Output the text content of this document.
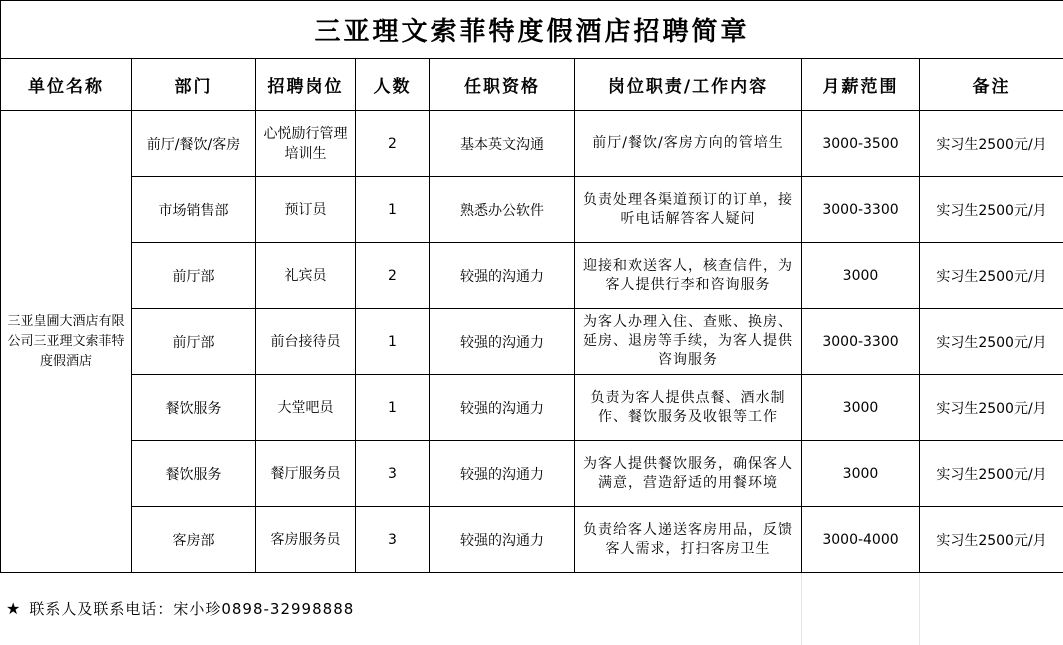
三亚理文索菲特度假酒店招聘简章							
单位名称	部门	招聘岗位	人数	任职资格	岗位职责/工作内容	月薪范围	备注
三亚皇圃大酒店有限公司三亚理文索菲特度假酒店	前厅/餐饮/客房	心悦励行管理培训生	2	基本英文沟通	前厅/餐饮/客房方向的管培生	3000-3500	实习生2500元/月
	市场销售部	预订员	1	熟悉办公软件	负责处理各渠道预订的订单，接听电话解答客人疑问	3000-3300	实习生2500元/月
	前厅部	礼宾员	2	较强的沟通力	迎接和欢送客人，核查信件，为客人提供行李和咨询服务	3000	实习生2500元/月
	前厅部	前台接待员	1	较强的沟通力	为客人办理入住、查账、换房、延房、退房等手续，为客人提供咨询服务	3000-3300	实习生2500元/月
	餐饮服务	大堂吧员	1	较强的沟通力	负责为客人提供点餐、酒水制作、餐饮服务及收银等工作	3000	实习生2500元/月
	餐饮服务	餐厅服务员	3	较强的沟通力	为客人提供餐饮服务，确保客人满意，营造舒适的用餐环境	3000	实习生2500元/月
	客房部	客房服务员	3	较强的沟通力	负责给客人递送客房用品，反馈客人需求，打扫客房卫生	3000-4000	实习生2500元/月
★ 联系人及联系电话：宋小珍0898-32998888
